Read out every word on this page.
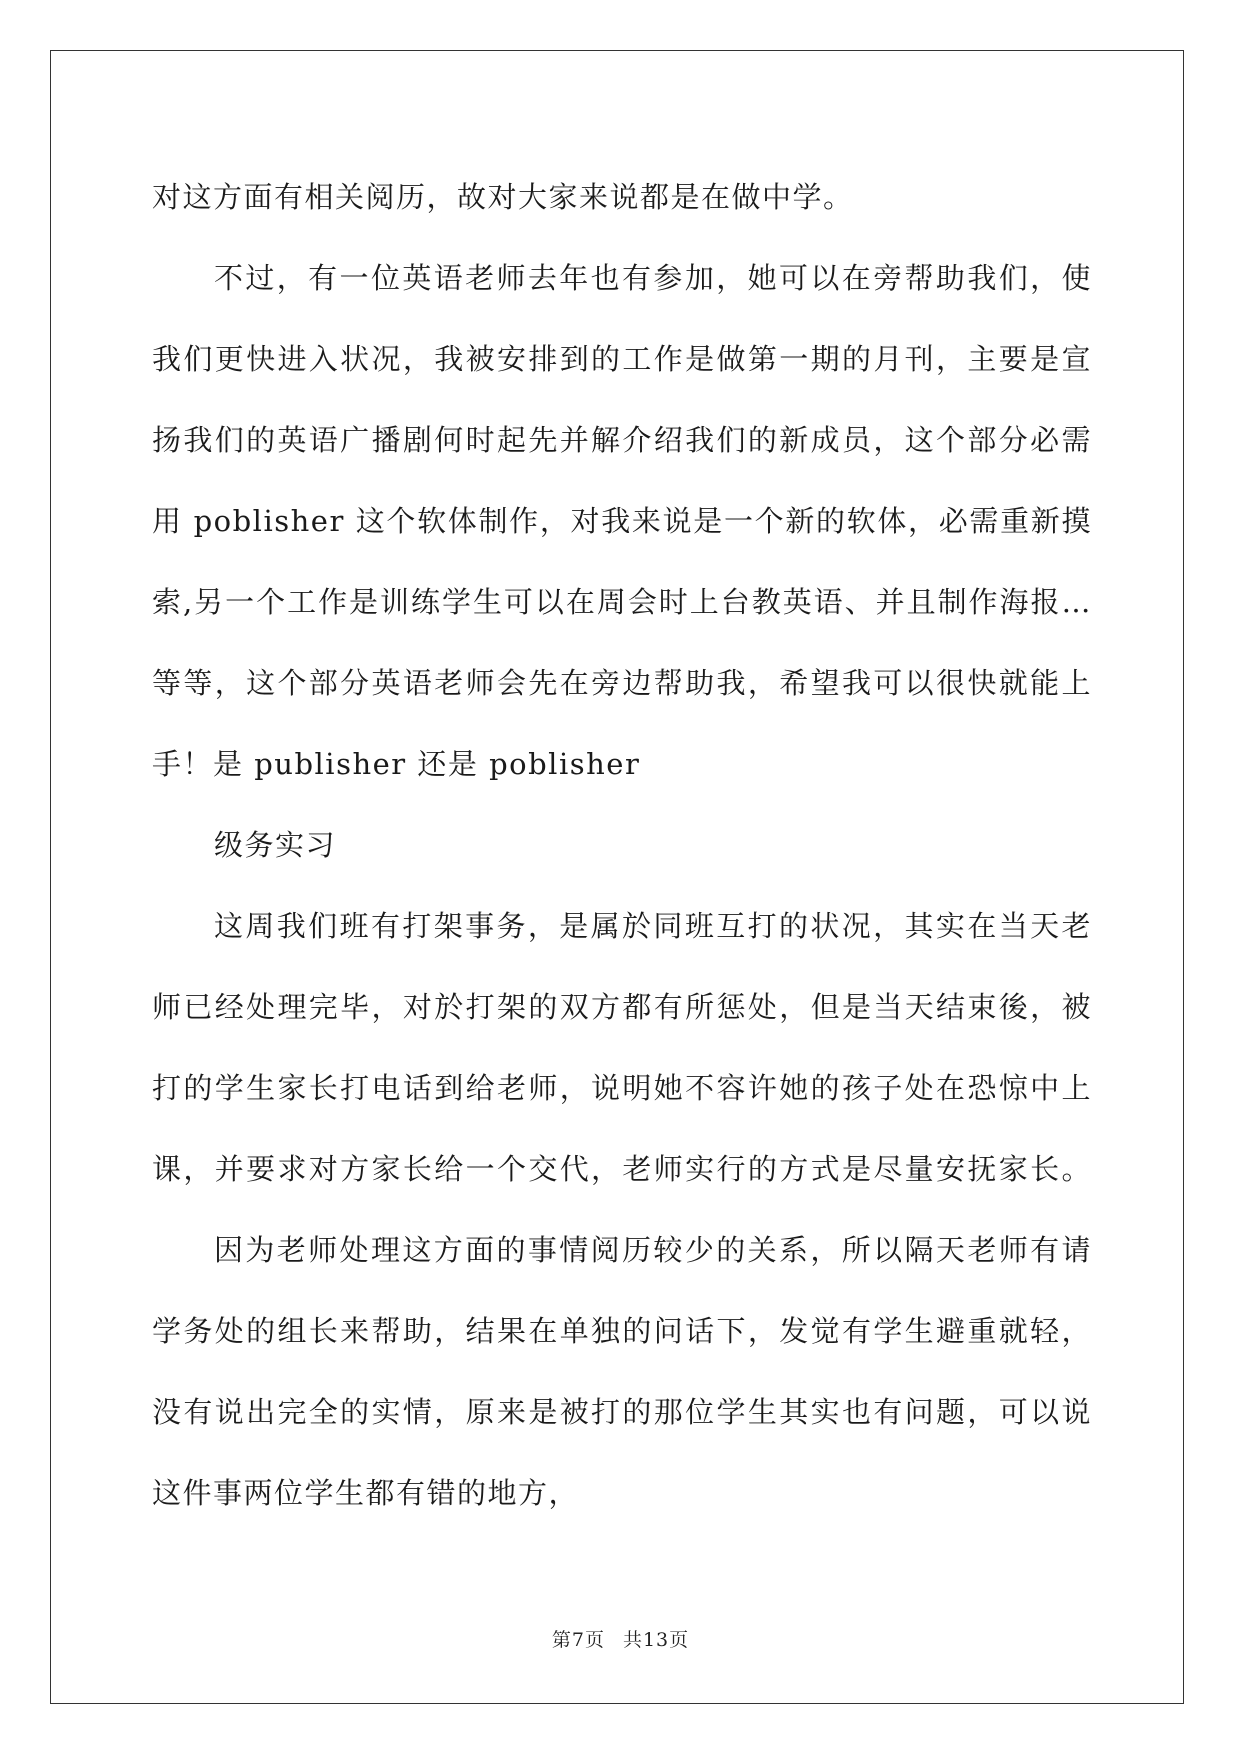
对这方面有相关阅历，故对大家来说都是在做中学。
不过，有一位英语老师去年也有参加，她可以在旁帮助我们，使
我们更快进入状况，我被安排到的工作是做第一期的月刊，主要是宣
扬我们的英语广播剧何时起先并解介绍我们的新成员，这个部分必需
用 poblisher 这个软体制作，对我来说是一个新的软体，必需重新摸
索,另一个工作是训练学生可以在周会时上台教英语、并且制作海报…
等等，这个部分英语老师会先在旁边帮助我，希望我可以很快就能上
手！是 publisher 还是 poblisher
级务实习
这周我们班有打架事务，是属於同班互打的状况，其实在当天老
师已经处理完毕，对於打架的双方都有所惩处，但是当天结束後，被
打的学生家长打电话到给老师，说明她不容许她的孩子处在恐惊中上
课，并要求对方家长给一个交代，老师实行的方式是尽量安抚家长。
因为老师处理这方面的事情阅历较少的关系，所以隔天老师有请
学务处的组长来帮助，结果在单独的问话下，发觉有学生避重就轻，
没有说出完全的实情，原来是被打的那位学生其实也有问题，可以说
这件事两位学生都有错的地方，
第7页 共13页
